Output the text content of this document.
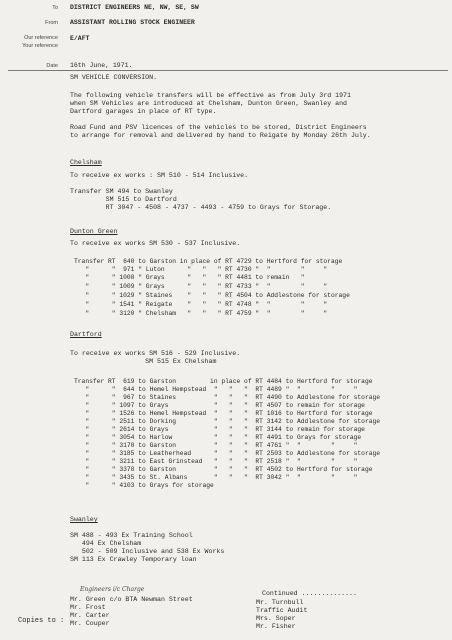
To DISTRICT ENGINEERS NE, NW, SE, SW
From ASSISTANT ROLLING STOCK ENGINEER
Our reference E/AFT
Your reference
Date 16th June, 1971.
SM VEHICLE CONVERSION.
The following vehicle transfers will be effective as from July 3rd 1971
when SM Vehicles are introduced at Chelsham, Dunton Green, Swanley and
Dartford garages in place of RT type.
Road Fund and PSV licences of the vehicles to be stored, District Engineers
to arrange for removal and delivered by hand to Reigate by Monday 26th July.
Chelsham
To receive ex works : SM 510 - 514 Inclusive.
Transfer SM 494 to Swanley
SM 515 to Dartford
RT 3047 - 4508 - 4737 - 4493 - 4759 to Grays for Storage.
Dunton Green
To receive ex works SM 530 - 537 Inclusive.
Transfer RT  640 to Garston in place of RT 4729 to Hertford for storage
"      "  971 " Luton      "   "   " RT 4730 "  "        "     "
"      " 1000 " Grays      "   "   " RT 4481 to remain   "
"      " 1009 " Grays      "   "   " RT 4733 "  "        "     "
"      " 1029 " Staines    "   "   " RT 4504 to Addlestone for storage
"      " 1541 " Reigate    "   "   " RT 4748 "  "        "     "
"      " 3120 " Chelsham   "   "   " RT 4759 "  "        "     "
Dartford
To receive ex works SM 516 - 529 Inclusive.
SM 515 Ex Chelsham
Transfer RT  619 to Garston         in place of RT 4484 to Hertford for storage
"      "  644 to Hemel Hempstead  "   "   "  RT 4489 "  "        "     "
"      "  967 to Staines          "   "   "  RT 4490 to Addlestone for storage
"      " 1097 to Grays            "   "   "  RT 4507 to remain for storage
"      " 1526 to Hemel Hempstead  "   "   "  RT 1016 to Hertford for storage
"      " 2511 to Dorking          "   "   "  RT 3142 to Addlestone for storage
"      " 2614 to Grays            "   "   "  RT 3144 to remain for storage
"      " 3054 to Harlow           "   "   "  RT 4491 to Grays for storage
"      " 3170 to Garston          "   "   "  RT 4761 "  "        "     "
"      " 3185 to Leatherhead      "   "   "  RT 2503 to Addlestone for storage
"      " 3211 to East Grinstead   "   "   "  RT 2518 "  "        "     "
"      " 3378 to Garston          "   "   "  RT 4502 to Hertford for storage
"      " 3435 to St. Albans       "   "   "  RT 3042 "  "        "     "
"      " 4103 to Grays for storage
Swanley
SM 488 - 493 Ex Training School
494 Ex Chelsham
502 - 509 Inclusive and 538 Ex Works
SM 113 Ex Crawley Temporary loan
Engineers i/c Charge
Copies to :
Mr. Green c/o BTA Newman Street
Mr. Frost
Mr. Carter
Mr. Couper
Continued ..............
Mr. Turnbull
Traffic Audit
Mrs. Soper
Mr. Fisher
